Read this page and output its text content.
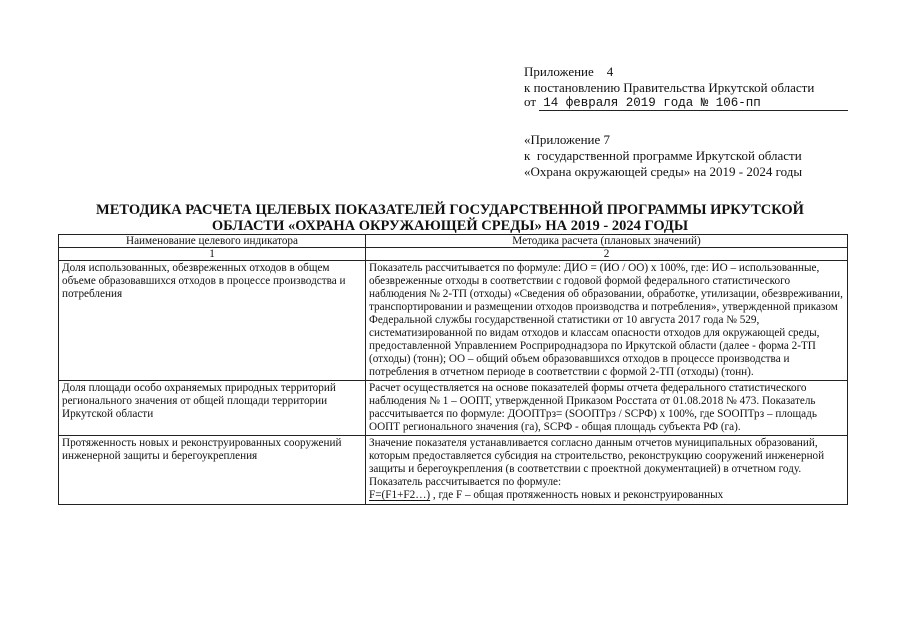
Приложение    4
к постановлению Правительства Иркутской области
от 14 февраля 2019 года № 106-пп
«Приложение 7
к  государственной программе Иркутской области
«Охрана окружающей среды» на 2019 - 2024 годы
МЕТОДИКА РАСЧЕТА ЦЕЛЕВЫХ ПОКАЗАТЕЛЕЙ ГОСУДАРСТВЕННОЙ ПРОГРАММЫ ИРКУТСКОЙ
ОБЛАСТИ «ОХРАНА ОКРУЖАЮЩЕЙ СРЕДЫ» НА 2019 - 2024 ГОДЫ
Наименование целевого индикатора	Методика расчета (плановых значений)
1	2
Доля использованных, обезвреженных отходов в общем объеме образовавшихся отходов в процессе производства и потребления	Показатель рассчитывается по формуле: ДИО = (ИО / ОО) х 100%, где: ИО – использованные, обезвреженные отходы в соответствии с годовой формой федерального статистического наблюдения № 2-ТП (отходы) «Сведения об образовании, обработке, утилизации, обезвреживании, транспортировании и размещении отходов производства и потребления», утвержденной приказом Федеральной службы государственной статистики от 10 августа 2017 года № 529, систематизированной по видам отходов и классам опасности отходов для окружающей среды, предоставленной Управлением Росприроднадзора по Иркутской области (далее - форма 2-ТП (отходы) (тонн); ОО – общий объем образовавшихся отходов в процессе производства и потребления в отчетном периоде в соответствии с формой 2-ТП (отходы) (тонн).
Доля площади особо охраняемых природных территорий регионального значения от общей площади территории Иркутской области	Расчет осуществляется на основе показателей формы отчета федерального статистического наблюдения № 1 – ООПТ, утвержденной Приказом Росстата от 01.08.2018 № 473. Показатель рассчитывается по формуле: ДООПТрз= (SООПТрз / SCРФ) х 100%, где SООПТрз – площадь ООПТ регионального значения (га), SCРФ - общая площадь субъекта РФ (га).
Протяженность новых и реконструированных сооружений инженерной защиты и берегоукрепления	Значение показателя устанавливается согласно данным отчетов муниципальных образований, которым предоставляется субсидия на строительство, реконструкцию сооружений инженерной защиты и берегоукрепления (в соответствии с проектной документацией) в отчетном году.
Показатель рассчитывается по формуле:
F=(F1+F2…) , где F – общая протяженность новых и реконструированных
